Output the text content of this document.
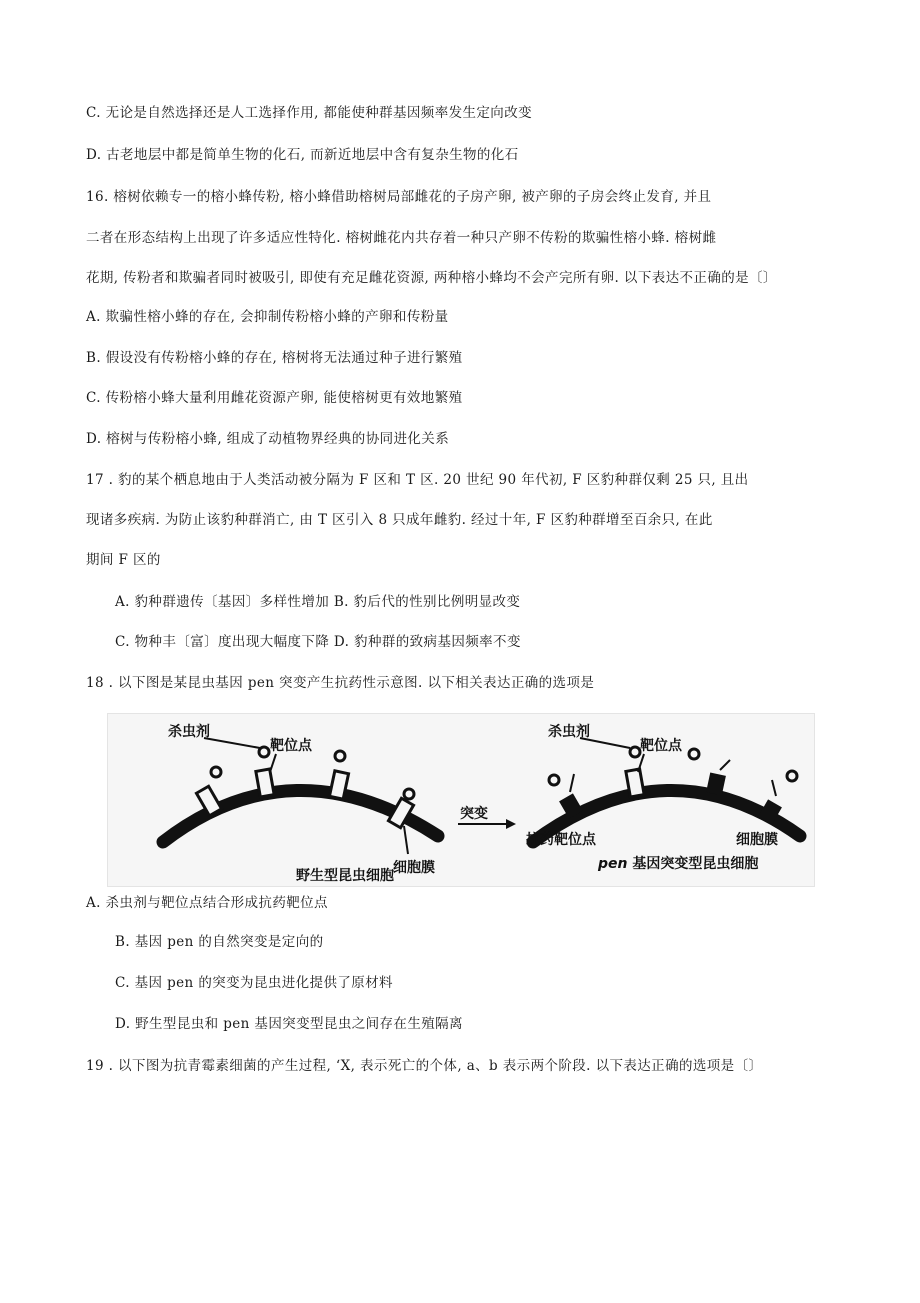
C. 无论是自然选择还是人工选择作用, 都能使种群基因频率发生定向改变
D. 古老地层中都是简单生物的化石, 而新近地层中含有复杂生物的化石
16. 榕树依赖专一的榕小蜂传粉, 榕小蜂借助榕树局部雌花的子房产卵, 被产卵的子房会终止发育, 并且
二者在形态结构上出现了许多适应性特化. 榕树雌花内共存着一种只产卵不传粉的欺骗性榕小蜂. 榕树雌
花期, 传粉者和欺骗者同时被吸引, 即使有充足雌花资源, 两种榕小蜂均不会产完所有卵. 以下表达不正确的是〔〕
A. 欺骗性榕小蜂的存在, 会抑制传粉榕小蜂的产卵和传粉量
B. 假设没有传粉榕小蜂的存在, 榕树将无法通过种子进行繁殖
C. 传粉榕小蜂大量利用雌花资源产卵, 能使榕树更有效地繁殖
D. 榕树与传粉榕小蜂, 组成了动植物界经典的协同进化关系
17 . 豹的某个栖息地由于人类活动被分隔为 F 区和 T 区. 20 世纪 90 年代初, F 区豹种群仅剩 25 只, 且出
现诸多疾病. 为防止该豹种群消亡, 由 T 区引入 8 只成年雌豹. 经过十年, F 区豹种群增至百余只, 在此
期间 F 区的
A. 豹种群遗传〔基因〕多样性增加 B. 豹后代的性别比例明显改变
C. 物种丰〔富〕度出现大幅度下降 D. 豹种群的致病基因频率不变
18 . 以下图是某昆虫基因 pen 突变产生抗药性示意图. 以下相关表达正确的选项是
杀虫剂
靶位点
细胞膜
野生型昆虫细胞
突变
杀虫剂
靶位点
抗药靶位点	细胞膜
pen 基因突变型昆虫细胞
A. 杀虫剂与靶位点结合形成抗药靶位点
B. 基因 pen 的自然突变是定向的
C. 基因 pen 的突变为昆虫进化提供了原材料
D. 野生型昆虫和 pen 基因突变型昆虫之间存在生殖隔离
19 . 以下图为抗青霉素细菌的产生过程, ‘X, 表示死亡的个体, a、b 表示两个阶段. 以下表达正确的选项是〔〕
